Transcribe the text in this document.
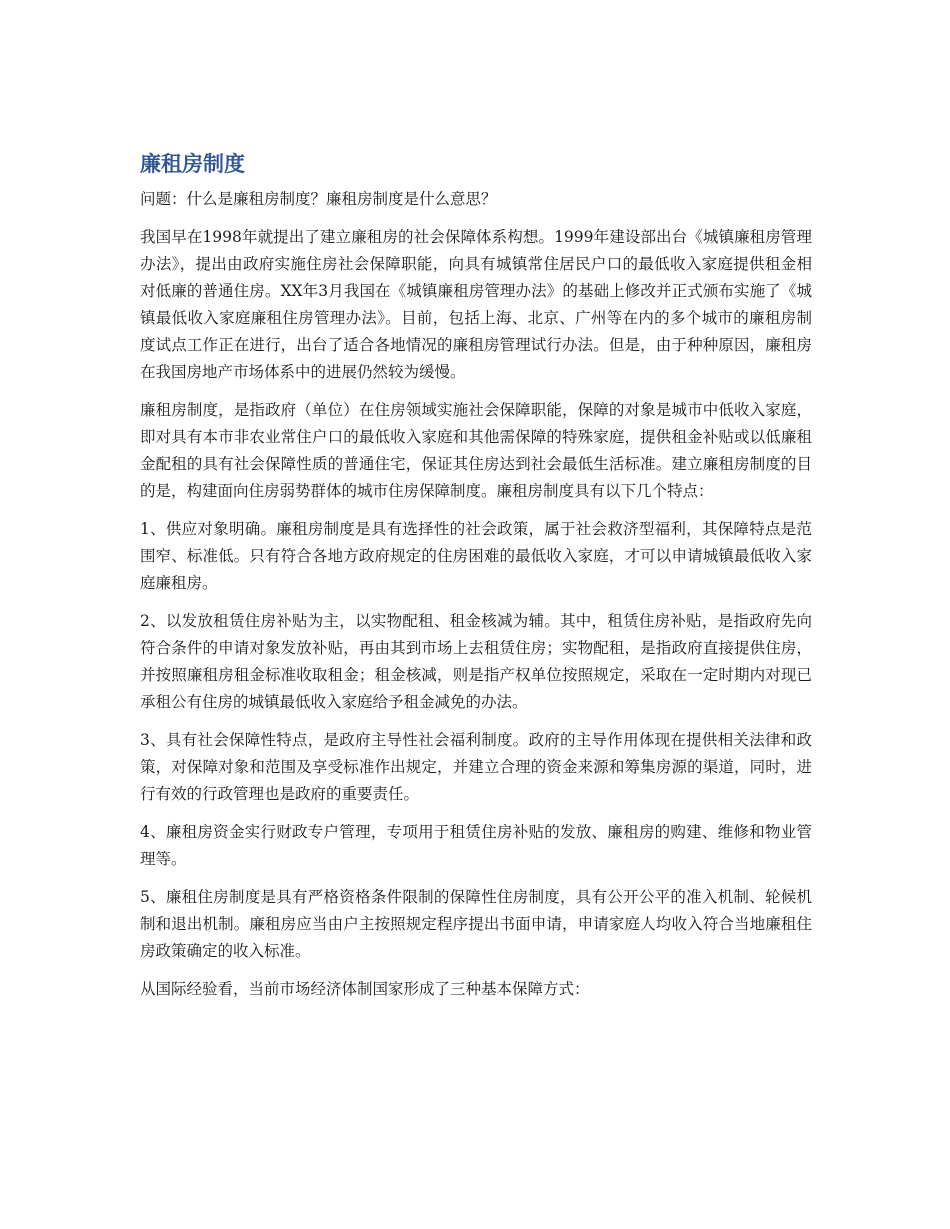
廉租房制度

问题：什么是廉租房制度？廉租房制度是什么意思？

我国早在1998年就提出了建立廉租房的社会保障体系构想。1999年建设部出台《城镇廉租房管理办法》，提出由政府实施住房社会保障职能，向具有城镇常住居民户口的最低收入家庭提供租金相对低廉的普通住房。XX年3月我国在《城镇廉租房管理办法》的基础上修改并正式颁布实施了《城镇最低收入家庭廉租住房管理办法》。目前，包括上海、北京、广州等在内的多个城市的廉租房制度试点工作正在进行，出台了适合各地情况的廉租房管理试行办法。但是，由于种种原因，廉租房在我国房地产市场体系中的进展仍然较为缓慢。

廉租房制度，是指政府（单位）在住房领域实施社会保障职能，保障的对象是城市中低收入家庭，即对具有本市非农业常住户口的最低收入家庭和其他需保障的特殊家庭，提供租金补贴或以低廉租金配租的具有社会保障性质的普通住宅，保证其住房达到社会最低生活标准。建立廉租房制度的目的是，构建面向住房弱势群体的城市住房保障制度。廉租房制度具有以下几个特点：

1、供应对象明确。廉租房制度是具有选择性的社会政策，属于社会救济型福利，其保障特点是范围窄、标准低。只有符合各地方政府规定的住房困难的最低收入家庭，才可以申请城镇最低收入家庭廉租房。

2、以发放租赁住房补贴为主，以实物配租、租金核减为辅。其中，租赁住房补贴，是指政府先向符合条件的申请对象发放补贴，再由其到市场上去租赁住房；实物配租，是指政府直接提供住房，并按照廉租房租金标准收取租金；租金核减，则是指产权单位按照规定，采取在一定时期内对现已承租公有住房的城镇最低收入家庭给予租金减免的办法。

3、具有社会保障性特点，是政府主导性社会福利制度。政府的主导作用体现在提供相关法律和政策，对保障对象和范围及享受标准作出规定，并建立合理的资金来源和筹集房源的渠道，同时，进行有效的行政管理也是政府的重要责任。

4、廉租房资金实行财政专户管理，专项用于租赁住房补贴的发放、廉租房的购建、维修和物业管理等。

5、廉租住房制度是具有严格资格条件限制的保障性住房制度，具有公开公平的准入机制、轮候机制和退出机制。廉租房应当由户主按照规定程序提出书面申请，申请家庭人均收入符合当地廉租住房政策确定的收入标准。

从国际经验看，当前市场经济体制国家形成了三种基本保障方式：
